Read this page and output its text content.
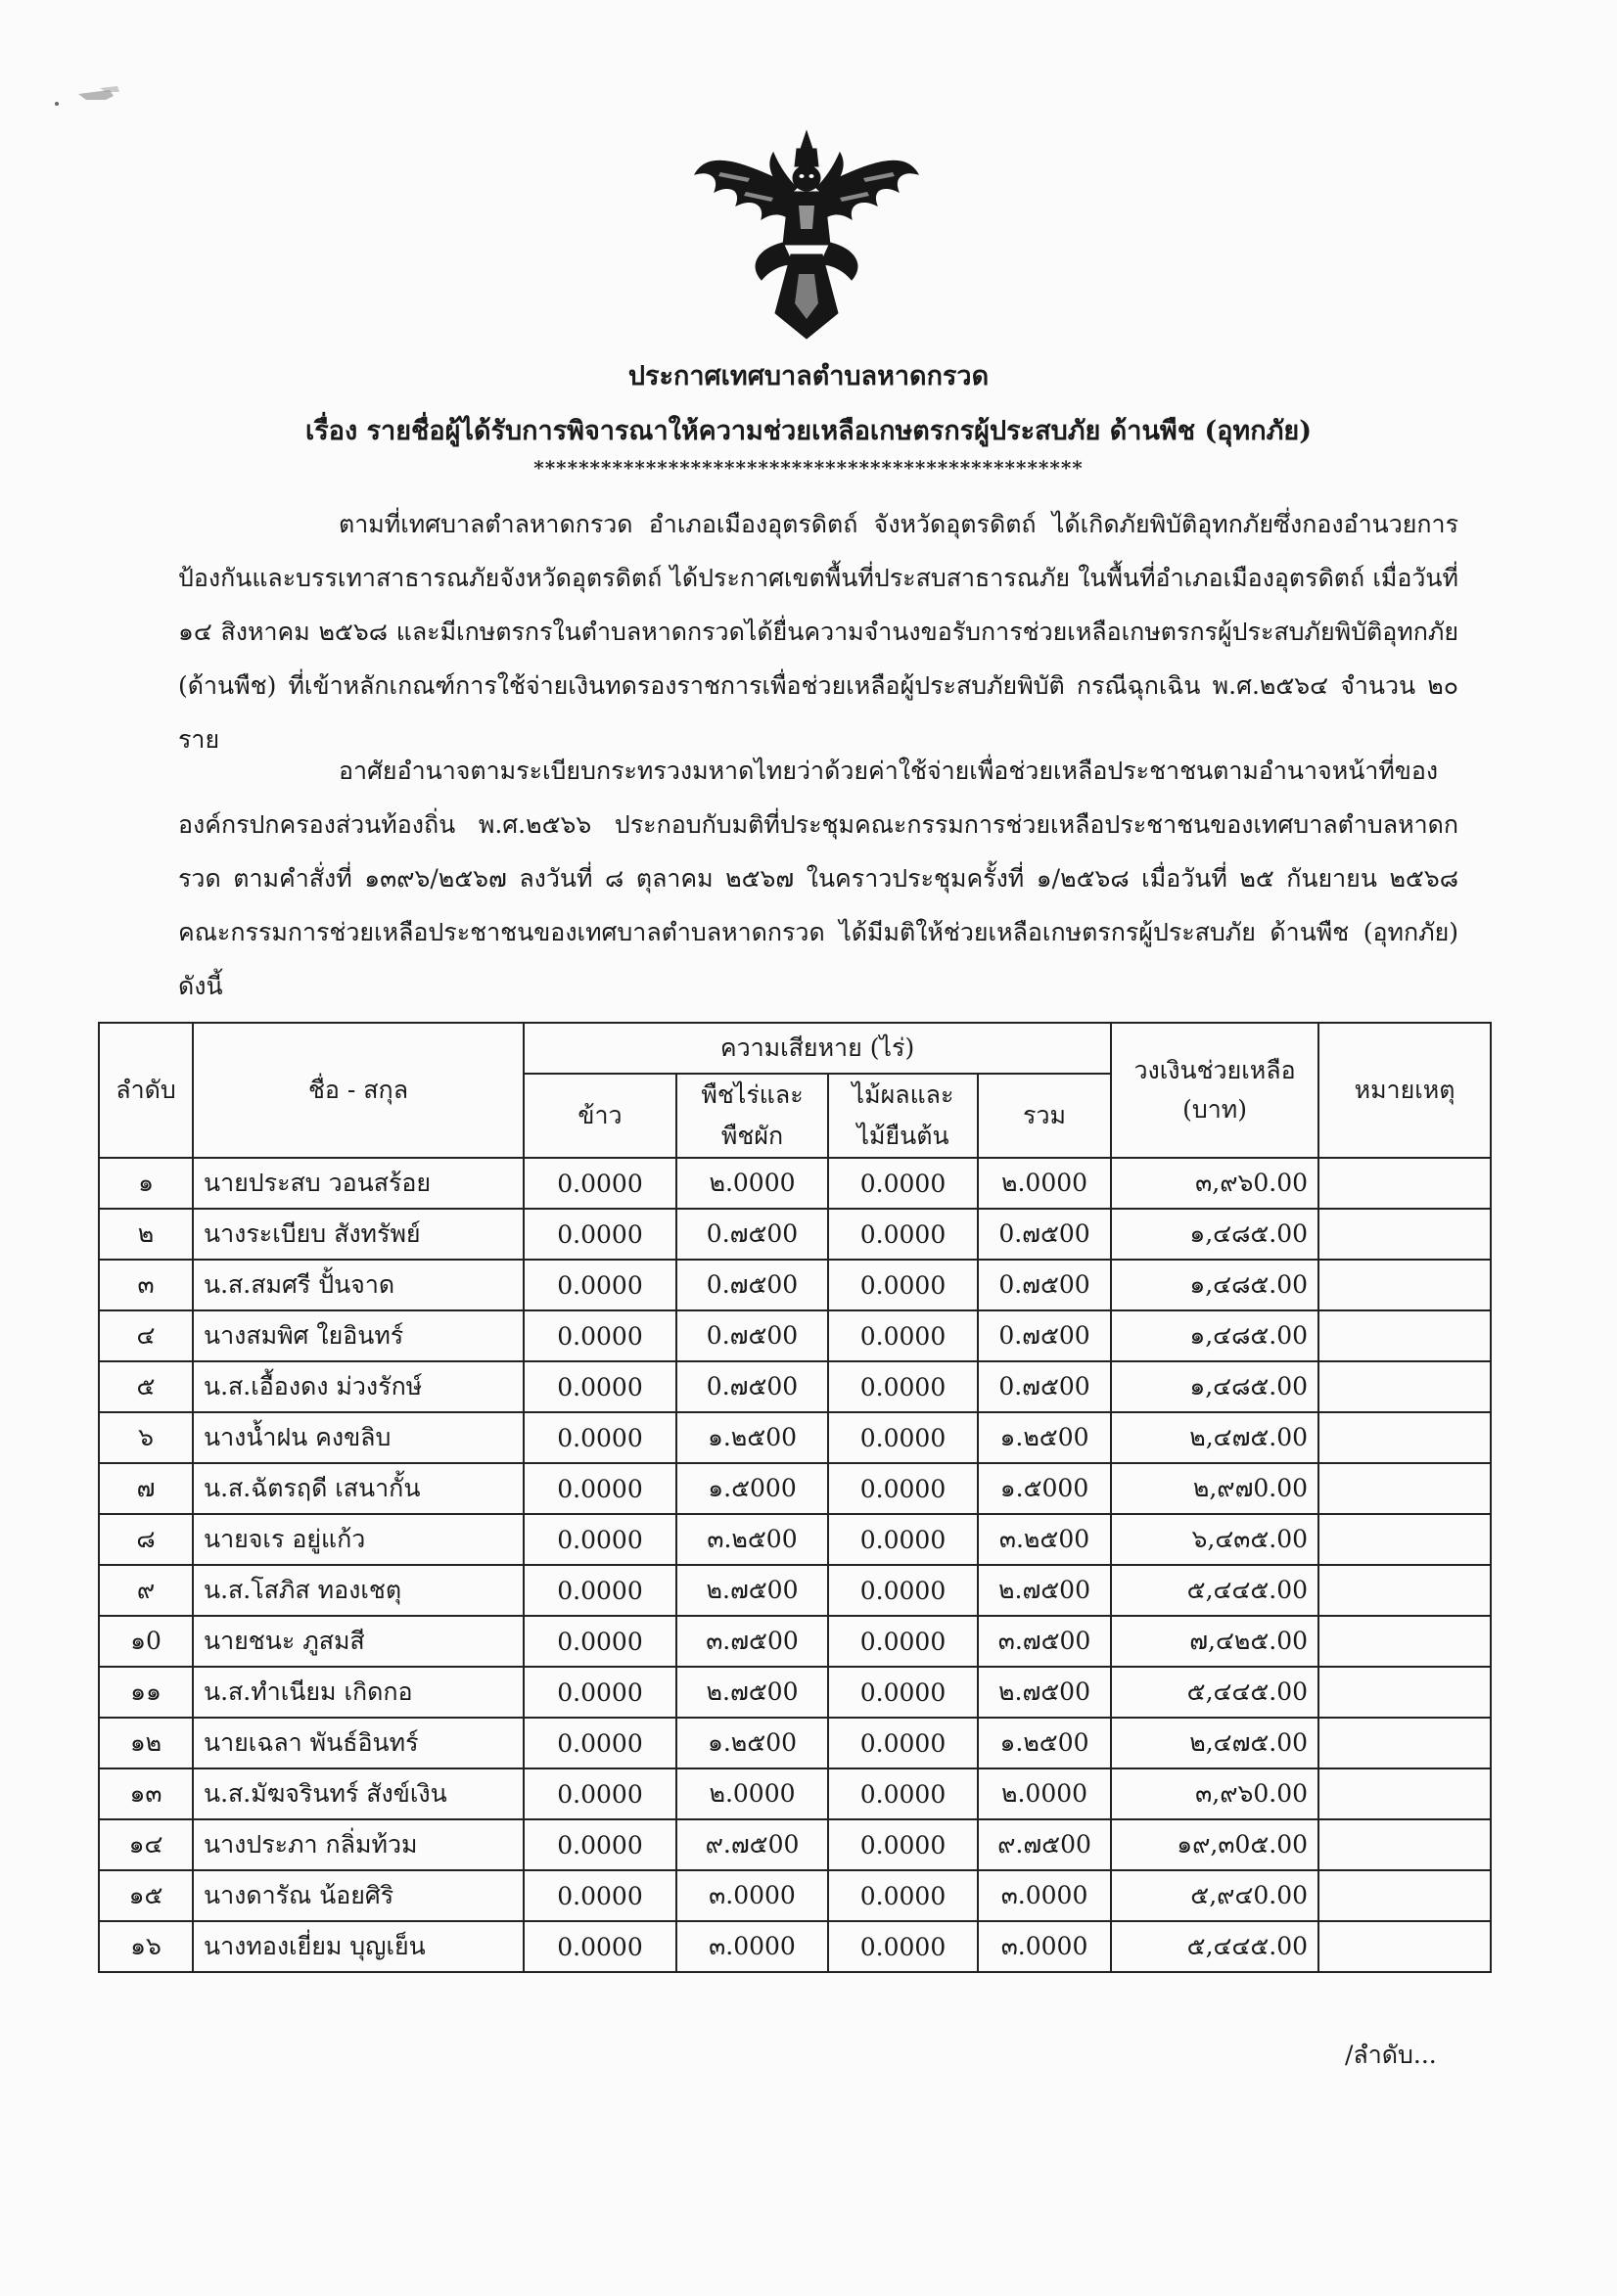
ประกาศเทศบาลตำบลหาดกรวด
เรื่อง รายชื่อผู้ได้รับการพิจารณาให้ความช่วยเหลือเกษตรกรผู้ประสบภัย ด้านพืช (อุทกภัย)
*************************************************

ตามที่เทศบาลตำลหาดกรวด อำเภอเมืองอุตรดิตถ์ จังหวัดอุตรดิตถ์ ได้เกิดภัยพิบัติอุทกภัยซึ่งกองอำนวยการป้องกันและบรรเทาสาธารณภัยจังหวัดอุตรดิตถ์ ได้ประกาศเขตพื้นที่ประสบสาธารณภัย ในพื้นที่อำเภอเมืองอุตรดิตถ์ เมื่อวันที่ ๑๔ สิงหาคม ๒๕๖๘ และมีเกษตรกรในตำบลหาดกรวดได้ยื่นความจำนงขอรับการช่วยเหลือเกษตรกรผู้ประสบภัยพิบัติอุทกภัย (ด้านพืช) ที่เข้าหลักเกณฑ์การใช้จ่ายเงินทดรองราชการเพื่อช่วยเหลือผู้ประสบภัยพิบัติ กรณีฉุกเฉิน พ.ศ.๒๕๖๔ จำนวน ๒๐ ราย

อาศัยอำนาจตามระเบียบกระทรวงมหาดไทยว่าด้วยค่าใช้จ่ายเพื่อช่วยเหลือประชาชนตามอำนาจหน้าที่ขององค์กรปกครองส่วนท้องถิ่น พ.ศ.๒๕๖๖ ประกอบกับมติที่ประชุมคณะกรรมการช่วยเหลือประชาชนของเทศบาลตำบลหาดกรวด ตามคำสั่งที่ ๑๓๙๖/๒๕๖๗ ลงวันที่ ๘ ตุลาคม ๒๕๖๗ ในคราวประชุมครั้งที่ ๑/๒๕๖๘ เมื่อวันที่ ๒๕ กันยายน ๒๕๖๘ คณะกรรมการช่วยเหลือประชาชนของเทศบาลตำบลหาดกรวด ได้มีมติให้ช่วยเหลือเกษตรกรผู้ประสบภัย ด้านพืช (อุทกภัย) ดังนี้

ลำดับ	ชื่อ - สกุล	ความเสียหาย (ไร่)				วงเงินช่วยเหลือ (บาท)	หมายเหตุ
		ข้าว	พืชไร่และพืชผัก	ไม้ผลและไม้ยืนต้น	รวม		
๑	นายประสบ วอนสร้อย	0.0000	๒.0000	0.0000	๒.0000	๓,๙๖0.00	
๒	นางระเบียบ สังทรัพย์	0.0000	0.๗๕00	0.0000	0.๗๕00	๑,๔๘๕.00	
๓	น.ส.สมศรี ปั้นจาด	0.0000	0.๗๕00	0.0000	0.๗๕00	๑,๔๘๕.00	
๔	นางสมพิศ ใยอินทร์	0.0000	0.๗๕00	0.0000	0.๗๕00	๑,๔๘๕.00	
๕	น.ส.เอื้องดง ม่วงรักษ์	0.0000	0.๗๕00	0.0000	0.๗๕00	๑,๔๘๕.00	
๖	นางน้ำฝน คงขลิบ	0.0000	๑.๒๕00	0.0000	๑.๒๕00	๒,๔๗๕.00	
๗	น.ส.ฉัตรฤดี เสนากั้น	0.0000	๑.๕000	0.0000	๑.๕000	๒,๙๗0.00	
๘	นายจเร อยู่แก้ว	0.0000	๓.๒๕00	0.0000	๓.๒๕00	๖,๔๓๕.00	
๙	น.ส.โสภิส ทองเชตุ	0.0000	๒.๗๕00	0.0000	๒.๗๕00	๕,๔๔๕.00	
๑0	นายชนะ ภูสมสี	0.0000	๓.๗๕00	0.0000	๓.๗๕00	๗,๔๒๕.00	
๑๑	น.ส.ทำเนียม เกิดกอ	0.0000	๒.๗๕00	0.0000	๒.๗๕00	๕,๔๔๕.00	
๑๒	นายเฉลา พันธ์อินทร์	0.0000	๑.๒๕00	0.0000	๑.๒๕00	๒,๔๗๕.00	
๑๓	น.ส.มัฆจรินทร์ สังข์เงิน	0.0000	๒.0000	0.0000	๒.0000	๓,๙๖0.00	
๑๔	นางประภา กลิ่มท้วม	0.0000	๙.๗๕00	0.0000	๙.๗๕00	๑๙,๓0๕.00	
๑๕	นางดารัณ น้อยศิริ	0.0000	๓.0000	0.0000	๓.0000	๕,๙๔0.00	
๑๖	นางทองเยี่ยม บุญเย็น	0.0000	๓.0000	0.0000	๓.0000	๕,๔๔๕.00	
/ลำดับ...
